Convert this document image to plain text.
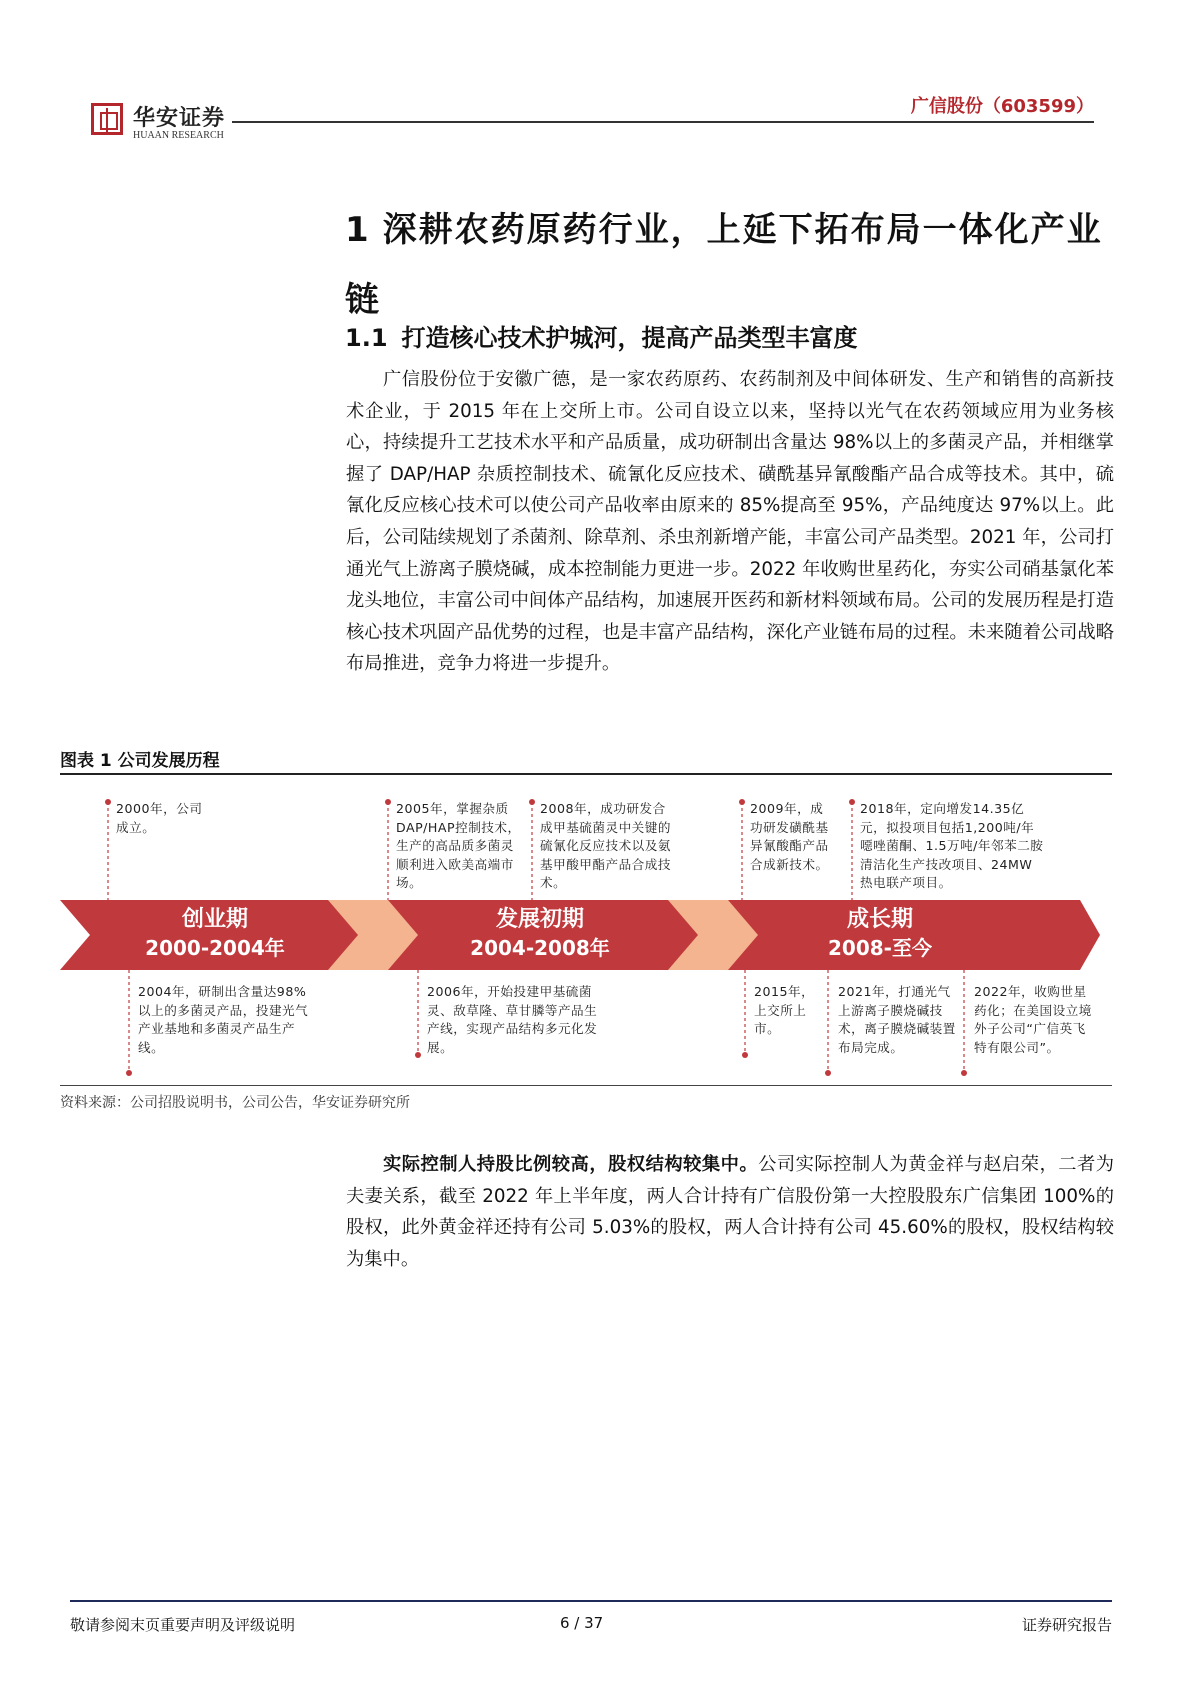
华安证券
HUAAN RESEARCH
广信股份（603599）
1 深耕农药原药行业，上延下拓布局一体化产业链
1.1 打造核心技术护城河，提高产品类型丰富度
广信股份位于安徽广德，是一家农药原药、农药制剂及中间体研发、生产和销售的高新技术企业，于 2015 年在上交所上市。公司自设立以来，坚持以光气在农药领域应用为业务核心，持续提升工艺技术水平和产品质量，成功研制出含量达 98%以上的多菌灵产品，并相继掌握了 DAP/HAP 杂质控制技术、硫氰化反应技术、磺酰基异氰酸酯产品合成等技术。其中，硫氰化反应核心技术可以使公司产品收率由原来的 85%提高至 95%，产品纯度达 97%以上。此后，公司陆续规划了杀菌剂、除草剂、杀虫剂新增产能，丰富公司产品类型。2021 年，公司打通光气上游离子膜烧碱，成本控制能力更进一步。2022 年收购世星药化，夯实公司硝基氯化苯龙头地位，丰富公司中间体产品结构，加速展开医药和新材料领域布局。公司的发展历程是打造核心技术巩固产品优势的过程，也是丰富产品结构，深化产业链布局的过程。未来随着公司战略布局推进，竞争力将进一步提升。
图表 1 公司发展历程
创业期
2000-2004年
发展初期
2004-2008年
成长期
2008-至今
2000年，公司成立。
2005年，掌握杂质DAP/HAP控制技术，生产的高品质多菌灵顺利进入欧美高端市场。
2008年，成功研发合成甲基硫菌灵中关键的硫氰化反应技术以及氨基甲酸甲酯产品合成技术。
2009年，成功研发磺酰基异氰酸酯产品合成新技术。
2018年，定向增发14.35亿元，拟投项目包括1,200吨/年噁唑菌酮、1.5万吨/年邻苯二胺清洁化生产技改项目、24MW热电联产项目。
2004年，研制出含量达98%以上的多菌灵产品，投建光气产业基地和多菌灵产品生产线。
2006年，开始投建甲基硫菌灵、敌草隆、草甘膦等产品生产线，实现产品结构多元化发展。
2015年，上交所上市。
2021年，打通光气上游离子膜烧碱技术，离子膜烧碱装置布局完成。
2022年，收购世星药化；在美国设立境外子公司“广信英飞特有限公司”。
资料来源：公司招股说明书，公司公告，华安证券研究所
实际控制人持股比例较高，股权结构较集中。公司实际控制人为黄金祥与赵启荣，二者为夫妻关系，截至 2022 年上半年度，两人合计持有广信股份第一大控股股东广信集团 100%的股权，此外黄金祥还持有公司 5.03%的股权，两人合计持有公司 45.60%的股权，股权结构较为集中。
敬请参阅末页重要声明及评级说明	6 / 37	证券研究报告
